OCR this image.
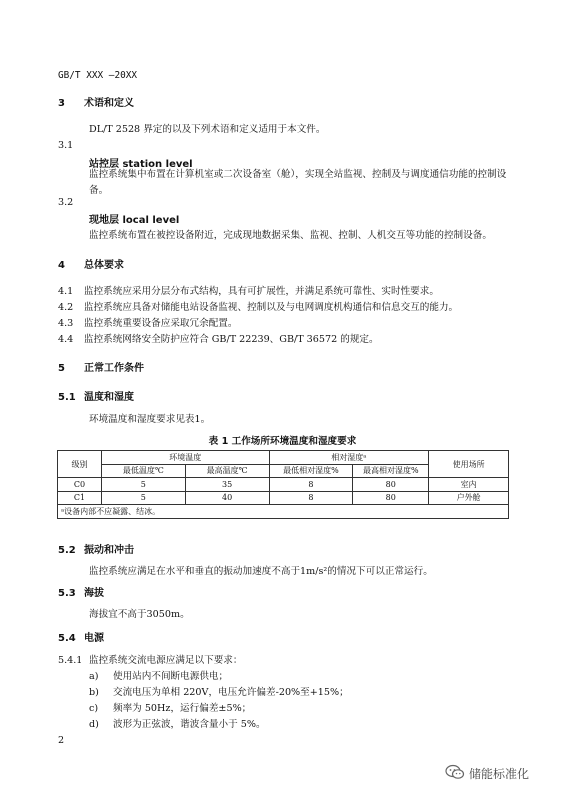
GB/T XXX —20XX
3 术语和定义
DL/T 2528 界定的以及下列术语和定义适用于本文件。
3.1
站控层 station level
监控系统集中布置在计算机室或二次设备室（舱），实现全站监视、控制及与调度通信功能的控制设备。
3.2
现地层 local level
监控系统布置在被控设备附近，完成现地数据采集、监视、控制、人机交互等功能的控制设备。
4 总体要求
4.1 监控系统应采用分层分布式结构，具有可扩展性，并满足系统可靠性、实时性要求。
4.2 监控系统应具备对储能电站设备监视、控制以及与电网调度机构通信和信息交互的能力。
4.3 监控系统重要设备应采取冗余配置。
4.4 监控系统网络安全防护应符合 GB/T 22239、GB/T 36572 的规定。
5 正常工作条件
5.1 温度和湿度
环境温度和湿度要求见表1。
表 1 工作场所环境温度和湿度要求
级别	环境温度		相对湿度ᵃ		使用场所
	最低温度℃	最高温度℃	最低相对湿度%	最高相对湿度%	
C0	5	35	8	80	室内
C1	5	40	8	80	户外舱
ᵃ设备内部不应凝露、结冰。					
5.2 振动和冲击
监控系统应满足在水平和垂直的振动加速度不高于1m/s²的情况下可以正常运行。
5.3 海拔
海拔宜不高于3050m。
5.4 电源
5.4.1 监控系统交流电源应满足以下要求：
a) 使用站内不间断电源供电；
b) 交流电压为单相 220V，电压允许偏差-20%至+15%；
c) 频率为 50Hz，运行偏差±5%；
d) 波形为正弦波，谐波含量小于 5%。
2
储能标准化
